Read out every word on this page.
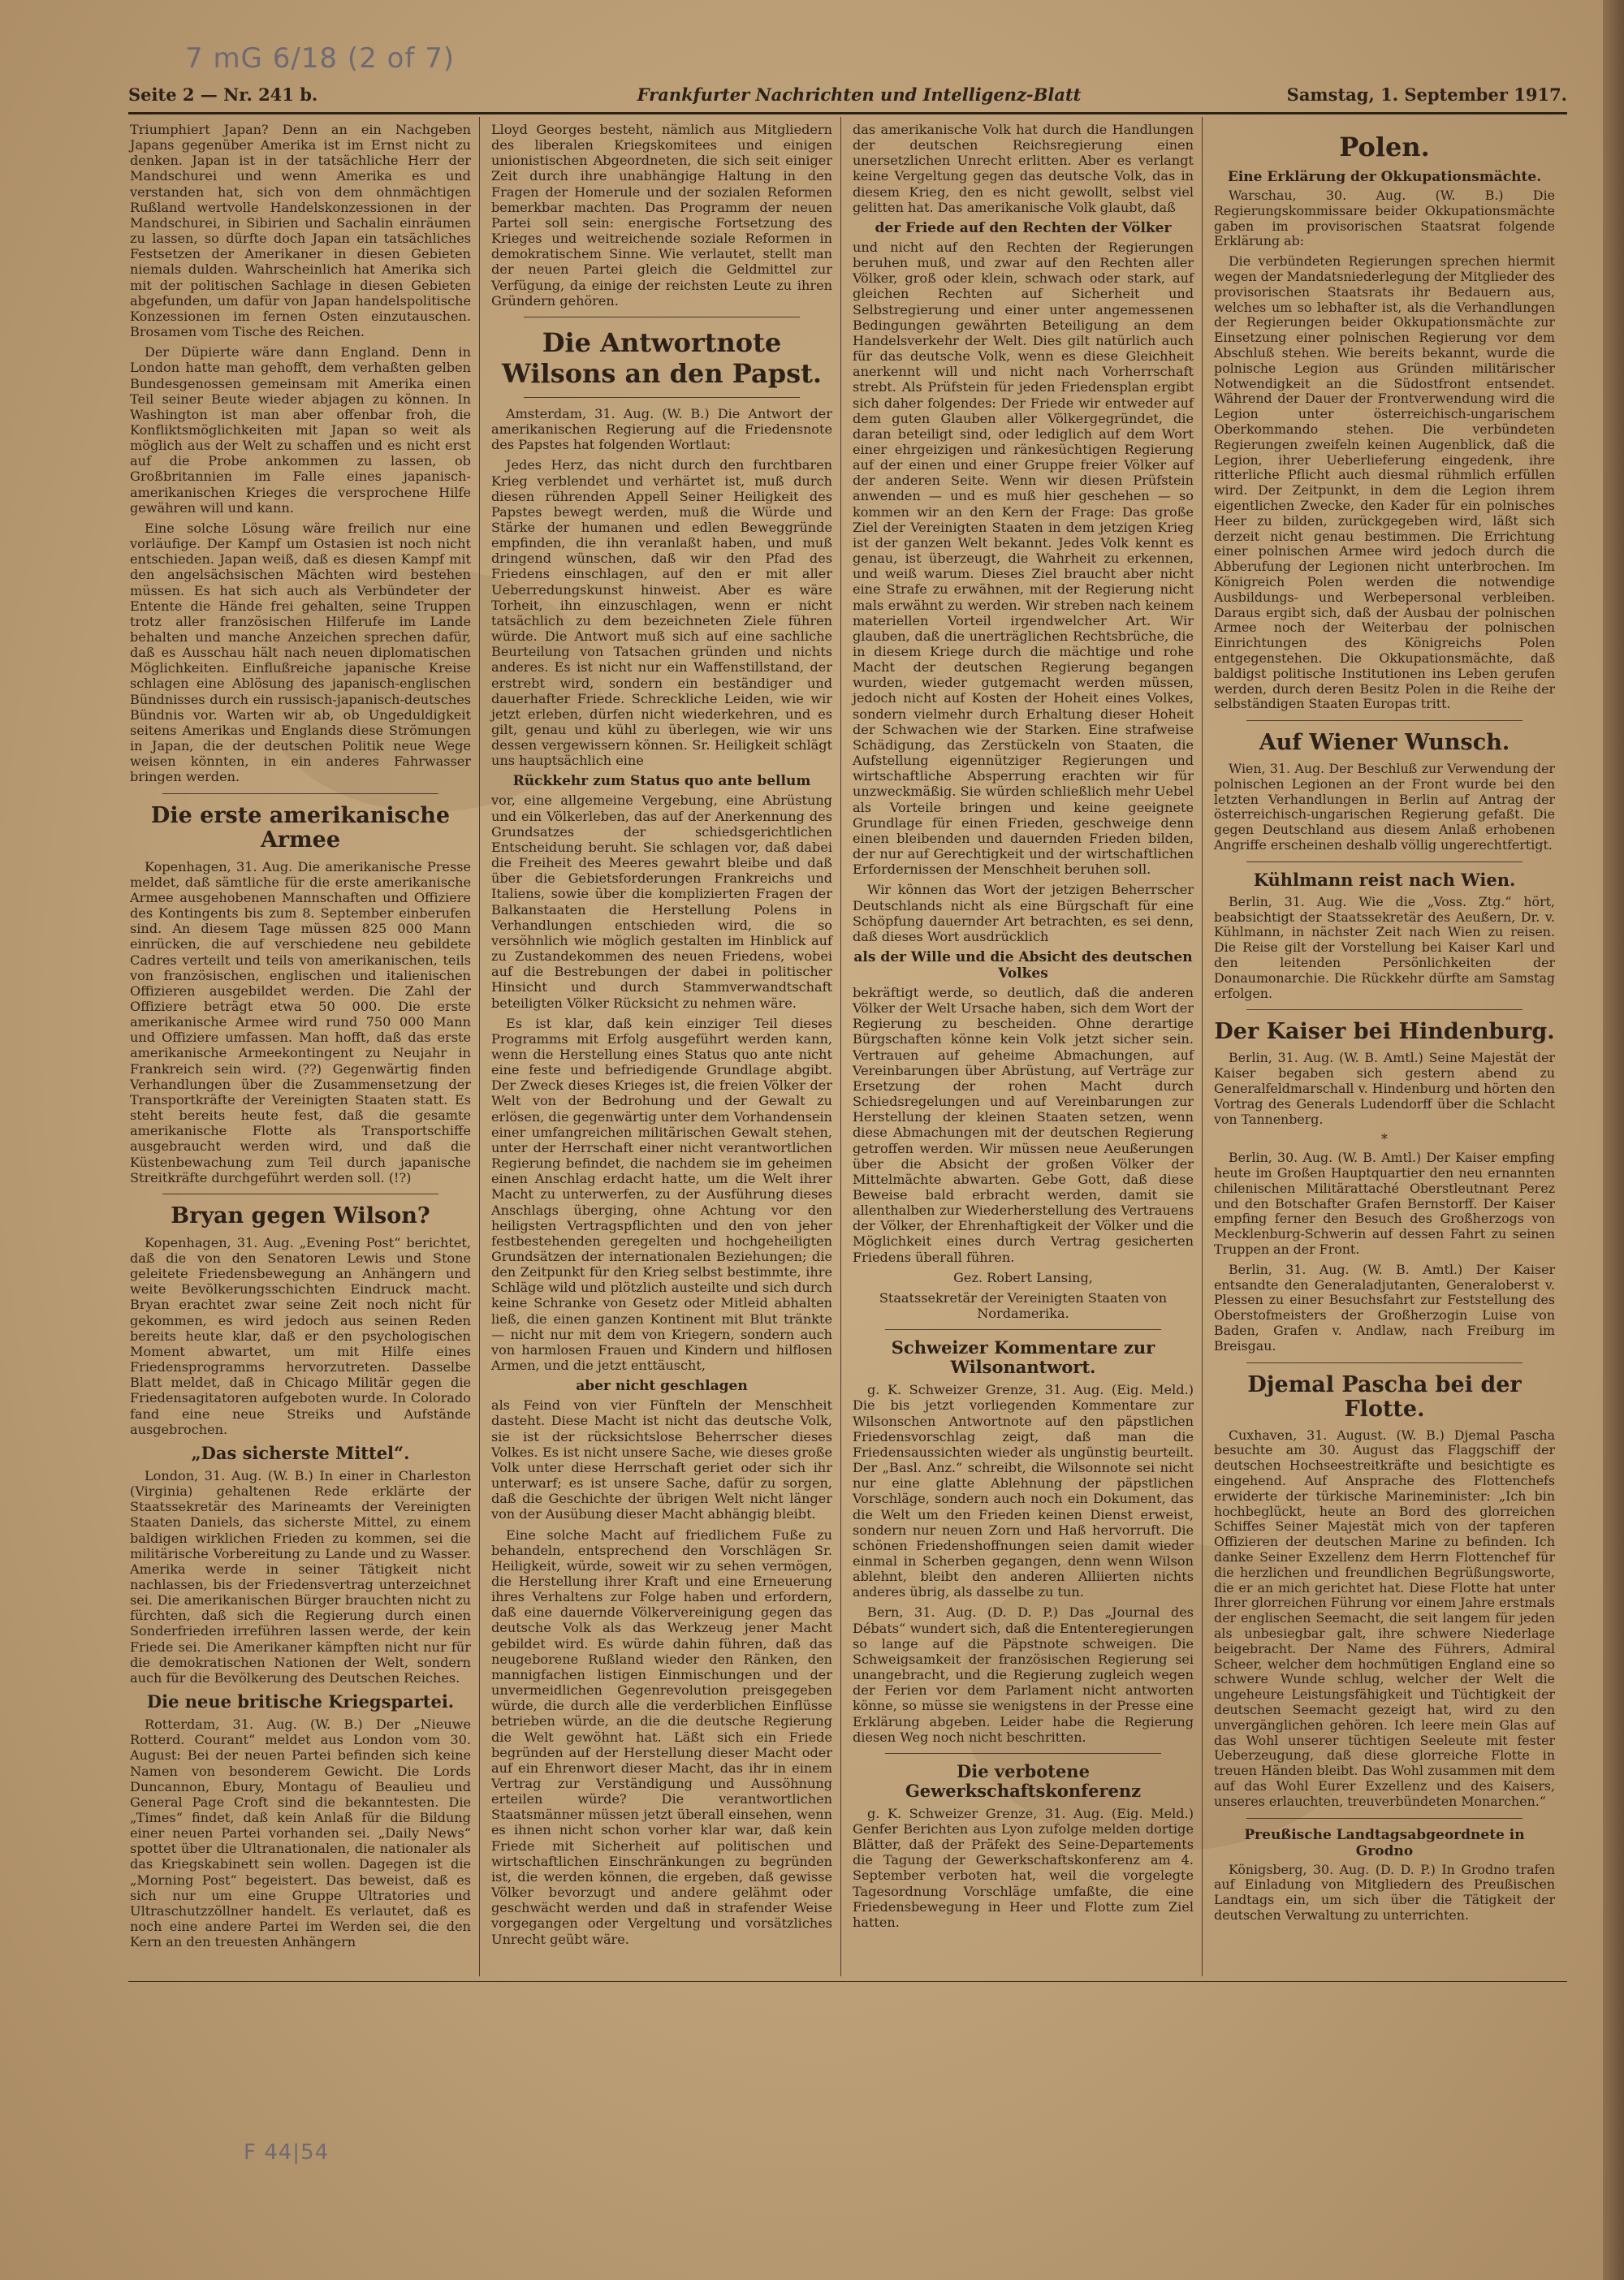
7 mG 6/18 (2 of 7)
F 44|54
Seite 2 — Nr. 241 b.	Frankfurter Nachrichten und Intelligenz-Blatt	Samstag, 1. September 1917.

Triumphiert Japan? Denn an ein Nachgeben Japans gegenüber Amerika ist im Ernst nicht zu denken. Japan ist in der tatsächliche Herr der Mandschurei und wenn Amerika es und verstanden hat, sich von dem ohnmächtigen Rußland wertvolle Handelskonzessionen in der Mandschurei, in Sibirien und Sachalin einräumen zu lassen, so dürfte doch Japan ein tatsächliches Festsetzen der Amerikaner in diesen Gebieten niemals dulden. Wahrscheinlich hat Amerika sich mit der politischen Sachlage in diesen Gebieten abgefunden, um dafür von Japan handelspolitische Konzessionen im fernen Osten einzutauschen. Brosamen vom Tische des Reichen.

Der Düpierte wäre dann England. Denn in London hatte man gehofft, dem verhaßten gelben Bundesgenossen gemeinsam mit Amerika einen Teil seiner Beute wieder abjagen zu können. In Washington ist man aber offenbar froh, die Konfliktsmöglichkeiten mit Japan so weit als möglich aus der Welt zu schaffen und es nicht erst auf die Probe ankommen zu lassen, ob Großbritannien im Falle eines japanisch-amerikanischen Krieges die versprochene Hilfe gewähren will und kann.

Eine solche Lösung wäre freilich nur eine vorläufige. Der Kampf um Ostasien ist noch nicht entschieden. Japan weiß, daß es diesen Kampf mit den angelsächsischen Mächten wird bestehen müssen. Es hat sich auch als Verbündeter der Entente die Hände frei gehalten, seine Truppen trotz aller französischen Hilferufe im Lande behalten und manche Anzeichen sprechen dafür, daß es Ausschau hält nach neuen diplomatischen Möglichkeiten. Einflußreiche japanische Kreise schlagen eine Ablösung des japanisch-englischen Bündnisses durch ein russisch-japanisch-deutsches Bündnis vor. Warten wir ab, ob Ungeduldigkeit seitens Amerikas und Englands diese Strömungen in Japan, die der deutschen Politik neue Wege weisen könnten, in ein anderes Fahrwasser bringen werden.

Die erste amerikanische Armee

Kopenhagen, 31. Aug. Die amerikanische Presse meldet, daß sämtliche für die erste amerikanische Armee ausgehobenen Mannschaften und Offiziere des Kontingents bis zum 8. September einberufen sind. An diesem Tage müssen 825 000 Mann einrücken, die auf verschiedene neu gebildete Cadres verteilt und teils von amerikanischen, teils von französischen, englischen und italienischen Offizieren ausgebildet werden. Die Zahl der Offiziere beträgt etwa 50 000. Die erste amerikanische Armee wird rund 750 000 Mann und Offiziere umfassen. Man hofft, daß das erste amerikanische Armeekontingent zu Neujahr in Frankreich sein wird. (??) Gegenwärtig finden Verhandlungen über die Zusammensetzung der Transportkräfte der Vereinigten Staaten statt. Es steht bereits heute fest, daß die gesamte amerikanische Flotte als Transportschiffe ausgebraucht werden wird, und daß die Küstenbewachung zum Teil durch japanische Streitkräfte durchgeführt werden soll. (!?)

Bryan gegen Wilson?

Kopenhagen, 31. Aug. „Evening Post“ berichtet, daß die von den Senatoren Lewis und Stone geleitete Friedensbewegung an Anhängern und weite Bevölkerungsschichten Eindruck macht. Bryan erachtet zwar seine Zeit noch nicht für gekommen, es wird jedoch aus seinen Reden bereits heute klar, daß er den psychologischen Moment abwartet, um mit Hilfe eines Friedensprogramms hervorzutreten. Dasselbe Blatt meldet, daß in Chicago Militär gegen die Friedensagitatoren aufgeboten wurde. In Colorado fand eine neue Streiks und Aufstände ausgebrochen.

„Das sicherste Mittel“.

London, 31. Aug. (W. B.) In einer in Charleston (Virginia) gehaltenen Rede erklärte der Staatssekretär des Marineamts der Vereinigten Staaten Daniels, das sicherste Mittel, zu einem baldigen wirklichen Frieden zu kommen, sei die militärische Vorbereitung zu Lande und zu Wasser. Amerika werde in seiner Tätigkeit nicht nachlassen, bis der Friedensvertrag unterzeichnet sei. Die amerikanischen Bürger brauchten nicht zu fürchten, daß sich die Regierung durch einen Sonderfrieden irreführen lassen werde, der kein Friede sei. Die Amerikaner kämpften nicht nur für die demokratischen Nationen der Welt, sondern auch für die Bevölkerung des Deutschen Reiches.

Die neue britische Kriegspartei.

Rotterdam, 31. Aug. (W. B.) Der „Nieuwe Rotterd. Courant“ meldet aus London vom 30. August: Bei der neuen Partei befinden sich keine Namen von besonderem Gewicht. Die Lords Duncannon, Ebury, Montagu of Beaulieu und General Page Croft sind die bekanntesten. Die „Times“ findet, daß kein Anlaß für die Bildung einer neuen Partei vorhanden sei. „Daily News“ spottet über die Ultranationalen, die nationaler als das Kriegskabinett sein wollen. Dagegen ist die „Morning Post“ begeistert. Das beweist, daß es sich nur um eine Gruppe Ultratories und Ultraschutzzöllner handelt. Es verlautet, daß es noch eine andere Partei im Werden sei, die den Kern an den treuesten Anhängern

Lloyd Georges besteht, nämlich aus Mitgliedern des liberalen Kriegskomitees und einigen unionistischen Abgeordneten, die sich seit einiger Zeit durch ihre unabhängige Haltung in den Fragen der Homerule und der sozialen Reformen bemerkbar machten. Das Programm der neuen Partei soll sein: energische Fortsetzung des Krieges und weitreichende soziale Reformen in demokratischem Sinne. Wie verlautet, stellt man der neuen Partei gleich die Geldmittel zur Verfügung, da einige der reichsten Leute zu ihren Gründern gehören.

Die Antwortnote Wilsons an den Papst.

Amsterdam, 31. Aug. (W. B.) Die Antwort der amerikanischen Regierung auf die Friedensnote des Papstes hat folgenden Wortlaut:

Jedes Herz, das nicht durch den furchtbaren Krieg verblendet und verhärtet ist, muß durch diesen rührenden Appell Seiner Heiligkeit des Papstes bewegt werden, muß die Würde und Stärke der humanen und edlen Beweggründe empfinden, die ihn veranlaßt haben, und muß dringend wünschen, daß wir den Pfad des Friedens einschlagen, auf den er mit aller Ueberredungskunst hinweist. Aber es wäre Torheit, ihn einzuschlagen, wenn er nicht tatsächlich zu dem bezeichneten Ziele führen würde. Die Antwort muß sich auf eine sachliche Beurteilung von Tatsachen gründen und nichts anderes. Es ist nicht nur ein Waffenstillstand, der erstrebt wird, sondern ein beständiger und dauerhafter Friede. Schreckliche Leiden, wie wir jetzt erleben, dürfen nicht wiederkehren, und es gilt, genau und kühl zu überlegen, wie wir uns dessen vergewissern können. Sr. Heiligkeit schlägt uns hauptsächlich eine

Rückkehr zum Status quo ante bellum

vor, eine allgemeine Vergebung, eine Abrüstung und ein Völkerleben, das auf der Anerkennung des Grundsatzes der schiedsgerichtlichen Entscheidung beruht. Sie schlagen vor, daß dabei die Freiheit des Meeres gewahrt bleibe und daß über die Gebietsforderungen Frankreichs und Italiens, sowie über die komplizierten Fragen der Balkanstaaten die Herstellung Polens in Verhandlungen entschieden wird, die so versöhnlich wie möglich gestalten im Hinblick auf zu Zustandekommen des neuen Friedens, wobei auf die Bestrebungen der dabei in politischer Hinsicht und durch Stammverwandtschaft beteiligten Völker Rücksicht zu nehmen wäre.

Es ist klar, daß kein einziger Teil dieses Programms mit Erfolg ausgeführt werden kann, wenn die Herstellung eines Status quo ante nicht eine feste und befriedigende Grundlage abgibt. Der Zweck dieses Krieges ist, die freien Völker der Welt von der Bedrohung und der Gewalt zu erlösen, die gegenwärtig unter dem Vorhandensein einer umfangreichen militärischen Gewalt stehen, unter der Herrschaft einer nicht verantwortlichen Regierung befindet, die nachdem sie im geheimen einen Anschlag erdacht hatte, um die Welt ihrer Macht zu unterwerfen, zu der Ausführung dieses Anschlags überging, ohne Achtung vor den heiligsten Vertragspflichten und den von jeher festbestehenden geregelten und hochgeheiligten Grundsätzen der internationalen Beziehungen; die den Zeitpunkt für den Krieg selbst bestimmte, ihre Schläge wild und plötzlich austeilte und sich durch keine Schranke von Gesetz oder Mitleid abhalten ließ, die einen ganzen Kontinent mit Blut tränkte — nicht nur mit dem von Kriegern, sondern auch von harmlosen Frauen und Kindern und hilflosen Armen, und die jetzt enttäuscht,

aber nicht geschlagen

als Feind von vier Fünfteln der Menschheit dasteht. Diese Macht ist nicht das deutsche Volk, sie ist der rücksichtslose Beherrscher dieses Volkes. Es ist nicht unsere Sache, wie dieses große Volk unter diese Herrschaft geriet oder sich ihr unterwarf; es ist unsere Sache, dafür zu sorgen, daß die Geschichte der übrigen Welt nicht länger von der Ausübung dieser Macht abhängig bleibt.

Eine solche Macht auf friedlichem Fuße zu behandeln, entsprechend den Vorschlägen Sr. Heiligkeit, würde, soweit wir zu sehen vermögen, die Herstellung ihrer Kraft und eine Erneuerung ihres Verhaltens zur Folge haben und erfordern, daß eine dauernde Völkervereinigung gegen das deutsche Volk als das Werkzeug jener Macht gebildet wird. Es würde dahin führen, daß das neugeborene Rußland wieder den Ränken, den mannigfachen listigen Einmischungen und der unvermeidlichen Gegenrevolution preisgegeben würde, die durch alle die verderblichen Einflüsse betrieben würde, an die die deutsche Regierung die Welt gewöhnt hat. Läßt sich ein Friede begründen auf der Herstellung dieser Macht oder auf ein Ehrenwort dieser Macht, das ihr in einem Vertrag zur Verständigung und Aussöhnung erteilen würde? Die verantwortlichen Staatsmänner müssen jetzt überall einsehen, wenn es ihnen nicht schon vorher klar war, daß kein Friede mit Sicherheit auf politischen und wirtschaftlichen Einschränkungen zu begründen ist, die werden können, die ergeben, daß gewisse Völker bevorzugt und andere gelähmt oder geschwächt werden und daß in strafender Weise vorgegangen oder Vergeltung und vorsätzliches Unrecht geübt wäre.

das amerikanische Volk hat durch die Handlungen der deutschen Reichsregierung einen unersetzlichen Unrecht erlitten. Aber es verlangt keine Vergeltung gegen das deutsche Volk, das in diesem Krieg, den es nicht gewollt, selbst viel gelitten hat. Das amerikanische Volk glaubt, daß

der Friede auf den Rechten der Völker

und nicht auf den Rechten der Regierungen beruhen muß, und zwar auf den Rechten aller Völker, groß oder klein, schwach oder stark, auf gleichen Rechten auf Sicherheit und Selbstregierung und einer unter angemessenen Bedingungen gewährten Beteiligung an dem Handelsverkehr der Welt. Dies gilt natürlich auch für das deutsche Volk, wenn es diese Gleichheit anerkennt will und nicht nach Vorherrschaft strebt. Als Prüfstein für jeden Friedensplan ergibt sich daher folgendes: Der Friede wir entweder auf dem guten Glauben aller Völkergegründet, die daran beteiligt sind, oder lediglich auf dem Wort einer ehrgeizigen und ränkesüchtigen Regierung auf der einen und einer Gruppe freier Völker auf der anderen Seite. Wenn wir diesen Prüfstein anwenden — und es muß hier geschehen — so kommen wir an den Kern der Frage: Das große Ziel der Vereinigten Staaten in dem jetzigen Krieg ist der ganzen Welt bekannt. Jedes Volk kennt es genau, ist überzeugt, die Wahrheit zu erkennen, und weiß warum. Dieses Ziel braucht aber nicht eine Strafe zu erwähnen, mit der Regierung nicht mals erwähnt zu werden. Wir streben nach keinem materiellen Vorteil irgendwelcher Art. Wir glauben, daß die unerträglichen Rechtsbrüche, die in diesem Kriege durch die mächtige und rohe Macht der deutschen Regierung begangen wurden, wieder gutgemacht werden müssen, jedoch nicht auf Kosten der Hoheit eines Volkes, sondern vielmehr durch Erhaltung dieser Hoheit der Schwachen wie der Starken. Eine strafweise Schädigung, das Zerstückeln von Staaten, die Aufstellung eigennütziger Regierungen und wirtschaftliche Absperrung erachten wir für unzweckmäßig. Sie würden schließlich mehr Uebel als Vorteile bringen und keine geeignete Grundlage für einen Frieden, geschweige denn einen bleibenden und dauernden Frieden bilden, der nur auf Gerechtigkeit und der wirtschaftlichen Erfordernissen der Menschheit beruhen soll.

Wir können das Wort der jetzigen Beherrscher Deutschlands nicht als eine Bürgschaft für eine Schöpfung dauernder Art betrachten, es sei denn, daß dieses Wort ausdrücklich

als der Wille und die Absicht des deutschen Volkes

bekräftigt werde, so deutlich, daß die anderen Völker der Welt Ursache haben, sich dem Wort der Regierung zu bescheiden. Ohne derartige Bürgschaften könne kein Volk jetzt sicher sein. Vertrauen auf geheime Abmachungen, auf Vereinbarungen über Abrüstung, auf Verträge zur Ersetzung der rohen Macht durch Schiedsregelungen und auf Vereinbarungen zur Herstellung der kleinen Staaten setzen, wenn diese Abmachungen mit der deutschen Regierung getroffen werden. Wir müssen neue Aeußerungen über die Absicht der großen Völker der Mittelmächte abwarten. Gebe Gott, daß diese Beweise bald erbracht werden, damit sie allenthalben zur Wiederherstellung des Vertrauens der Völker, der Ehrenhaftigkeit der Völker und die Möglichkeit eines durch Vertrag gesicherten Friedens überall führen.

Gez. Robert Lansing,

Staatssekretär der Vereinigten Staaten von Nordamerika.

Schweizer Kommentare zur Wilsonantwort.

g. K. Schweizer Grenze, 31. Aug. (Eig. Meld.) Die bis jetzt vorliegenden Kommentare zur Wilsonschen Antwortnote auf den päpstlichen Friedensvorschlag zeigt, daß man die Friedensaussichten wieder als ungünstig beurteilt. Der „Basl. Anz.“ schreibt, die Wilsonnote sei nicht nur eine glatte Ablehnung der päpstlichen Vorschläge, sondern auch noch ein Dokument, das die Welt um den Frieden keinen Dienst erweist, sondern nur neuen Zorn und Haß hervorruft. Die schönen Friedenshoffnungen seien damit wieder einmal in Scherben gegangen, denn wenn Wilson ablehnt, bleibt den anderen Alliierten nichts anderes übrig, als dasselbe zu tun.

Bern, 31. Aug. (D. D. P.) Das „Journal des Débats“ wundert sich, daß die Ententeregierungen so lange auf die Päpstnote schweigen. Die Schweigsamkeit der französischen Regierung sei unangebracht, und die Regierung zugleich wegen der Ferien vor dem Parlament nicht antworten könne, so müsse sie wenigstens in der Presse eine Erklärung abgeben. Leider habe die Regierung diesen Weg noch nicht beschritten.

Die verbotene Gewerkschaftskonferenz

g. K. Schweizer Grenze, 31. Aug. (Eig. Meld.) Genfer Berichten aus Lyon zufolge melden dortige Blätter, daß der Präfekt des Seine-Departements die Tagung der Gewerkschaftskonferenz am 4. September verboten hat, weil die vorgelegte Tagesordnung Vorschläge umfaßte, die eine Friedensbewegung in Heer und Flotte zum Ziel hatten.

Polen.
Eine Erklärung der Okkupationsmächte.

Warschau, 30. Aug. (W. B.) Die Regierungskommissare beider Okkupationsmächte gaben im provisorischen Staatsrat folgende Erklärung ab:

Die verbündeten Regierungen sprechen hiermit wegen der Mandatsniederlegung der Mitglieder des provisorischen Staatsrats ihr Bedauern aus, welches um so lebhafter ist, als die Verhandlungen der Regierungen beider Okkupationsmächte zur Einsetzung einer polnischen Regierung vor dem Abschluß stehen. Wie bereits bekannt, wurde die polnische Legion aus Gründen militärischer Notwendigkeit an die Südostfront entsendet. Während der Dauer der Frontverwendung wird die Legion unter österreichisch-ungarischem Oberkommando stehen. Die verbündeten Regierungen zweifeln keinen Augenblick, daß die Legion, ihrer Ueberlieferung eingedenk, ihre ritterliche Pflicht auch diesmal rühmlich erfüllen wird. Der Zeitpunkt, in dem die Legion ihrem eigentlichen Zwecke, den Kader für ein polnisches Heer zu bilden, zurückgegeben wird, läßt sich derzeit nicht genau bestimmen. Die Errichtung einer polnischen Armee wird jedoch durch die Abberufung der Legionen nicht unterbrochen. Im Königreich Polen werden die notwendige Ausbildungs- und Werbepersonal verbleiben. Daraus ergibt sich, daß der Ausbau der polnischen Armee noch der Weiterbau der polnischen Einrichtungen des Königreichs Polen entgegenstehen. Die Okkupationsmächte, daß baldigst politische Institutionen ins Leben gerufen werden, durch deren Besitz Polen in die Reihe der selbständigen Staaten Europas tritt.

Auf Wiener Wunsch.

Wien, 31. Aug. Der Beschluß zur Verwendung der polnischen Legionen an der Front wurde bei den letzten Verhandlungen in Berlin auf Antrag der österreichisch-ungarischen Regierung gefaßt. Die gegen Deutschland aus diesem Anlaß erhobenen Angriffe erscheinen deshalb völlig ungerechtfertigt.

Kühlmann reist nach Wien.

Berlin, 31. Aug. Wie die „Voss. Ztg.“ hört, beabsichtigt der Staatssekretär des Aeußern, Dr. v. Kühlmann, in nächster Zeit nach Wien zu reisen. Die Reise gilt der Vorstellung bei Kaiser Karl und den leitenden Persönlichkeiten der Donaumonarchie. Die Rückkehr dürfte am Samstag erfolgen.

Der Kaiser bei Hindenburg.

Berlin, 31. Aug. (W. B. Amtl.) Seine Majestät der Kaiser begaben sich gestern abend zu Generalfeldmarschall v. Hindenburg und hörten den Vortrag des Generals Ludendorff über die Schlacht von Tannenberg.

*

Berlin, 30. Aug. (W. B. Amtl.) Der Kaiser empfing heute im Großen Hauptquartier den neu ernannten chilenischen Militärattaché Oberstleutnant Perez und den Botschafter Grafen Bernstorff. Der Kaiser empfing ferner den Besuch des Großherzogs von Mecklenburg-Schwerin auf dessen Fahrt zu seinen Truppen an der Front.

Berlin, 31. Aug. (W. B. Amtl.) Der Kaiser entsandte den Generaladjutanten, Generaloberst v. Plessen zu einer Besuchsfahrt zur Feststellung des Oberstofmeisters der Großherzogin Luise von Baden, Grafen v. Andlaw, nach Freiburg im Breisgau.

Djemal Pascha bei der Flotte.

Cuxhaven, 31. August. (W. B.) Djemal Pascha besuchte am 30. August das Flaggschiff der deutschen Hochseestreitkräfte und besichtigte es eingehend. Auf Ansprache des Flottenchefs erwiderte der türkische Marineminister: „Ich bin hochbeglückt, heute an Bord des glorreichen Schiffes Seiner Majestät mich von der tapferen Offizieren der deutschen Marine zu befinden. Ich danke Seiner Exzellenz dem Herrn Flottenchef für die herzlichen und freundlichen Begrüßungsworte, die er an mich gerichtet hat. Diese Flotte hat unter Ihrer glorreichen Führung vor einem Jahre erstmals der englischen Seemacht, die seit langem für jeden als unbesiegbar galt, ihre schwere Niederlage beigebracht. Der Name des Führers, Admiral Scheer, welcher dem hochmütigen England eine so schwere Wunde schlug, welcher der Welt die ungeheure Leistungsfähigkeit und Tüchtigkeit der deutschen Seemacht gezeigt hat, wird zu den unvergänglichen gehören. Ich leere mein Glas auf das Wohl unserer tüchtigen Seeleute mit fester Ueberzeugung, daß diese glorreiche Flotte in treuen Händen bleibt. Das Wohl zusammen mit dem auf das Wohl Eurer Exzellenz und des Kaisers, unseres erlauchten, treuverbündeten Monarchen.“

Preußische Landtagsabgeordnete in Grodno

Königsberg, 30. Aug. (D. D. P.) In Grodno trafen auf Einladung von Mitgliedern des Preußischen Landtags ein, um sich über die Tätigkeit der deutschen Verwaltung zu unterrichten.
